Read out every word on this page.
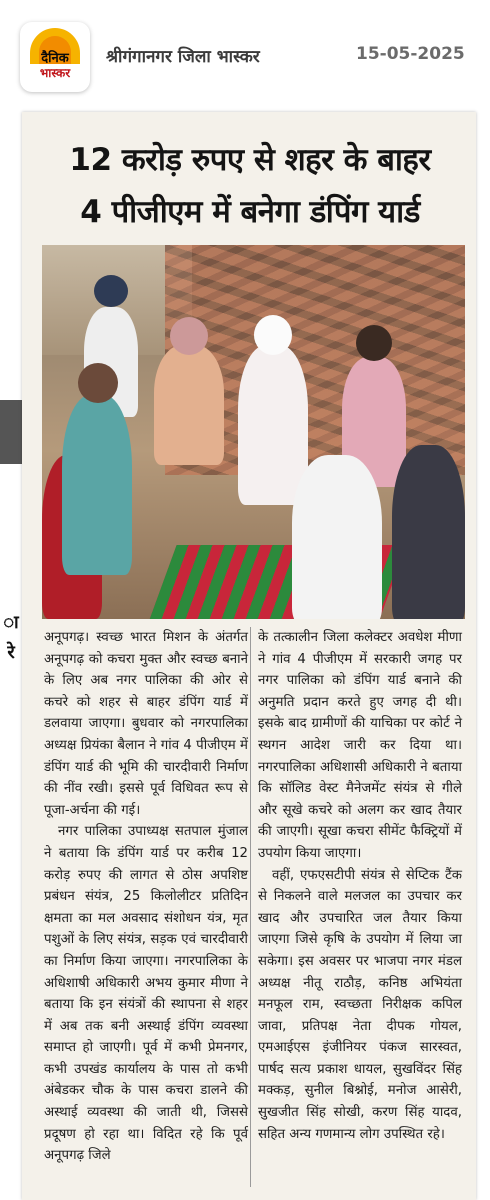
दैनिक
भास्कर
श्रीगंगानगर जिला भास्कर	15-05-2025
ा
रे
12 करोड़ रुपए से शहर के बाहर
4 पीजीएम में बनेगा डंपिंग यार्ड

अनूपगढ़। स्वच्छ भारत मिशन के अंतर्गत अनूपगढ़ को कचरा मुक्त और स्वच्छ बनाने के लिए अब नगर पालिका की ओर से कचरे को शहर से बाहर डंपिंग यार्ड में डलवाया जाएगा। बुधवार को नगरपालिका अध्यक्ष प्रियंका बैलान ने गांव 4 पीजीएम में डंपिंग यार्ड की भूमि की चारदीवारी निर्माण की नींव रखी। इससे पूर्व विधिवत रूप से पूजा-अर्चना की गई।

नगर पालिका उपाध्यक्ष सतपाल मुंजाल ने बताया कि डंपिंग यार्ड पर करीब 12 करोड़ रुपए की लागत से ठोस अपशिष्ट प्रबंधन संयंत्र, 25 किलोलीटर प्रतिदिन क्षमता का मल अवसाद संशोधन यंत्र, मृत पशुओं के लिए संयंत्र, सड़क एवं चारदीवारी का निर्माण किया जाएगा। नगरपालिका के अधिशाषी अधिकारी अभय कुमार मीणा ने बताया कि इन संयंत्रों की स्थापना से शहर में अब तक बनी अस्थाई डंपिंग व्यवस्था समाप्त हो जाएगी। पूर्व में कभी प्रेमनगर, कभी उपखंड कार्यालय के पास तो कभी अंबेडकर चौक के पास कचरा डालने की अस्थाई व्यवस्था की जाती थी, जिससे प्रदूषण हो रहा था। विदित रहे कि पूर्व अनूपगढ़ जिले

के तत्कालीन जिला कलेक्टर अवधेश मीणा ने गांव 4 पीजीएम में सरकारी जगह पर नगर पालिका को डंपिंग यार्ड बनाने की अनुमति प्रदान करते हुए जगह दी थी। इसके बाद ग्रामीणों की याचिका पर कोर्ट ने स्थगन आदेश जारी कर दिया था। नगरपालिका अधिशासी अधिकारी ने बताया कि सॉलिड वेस्ट मैनेजमेंट संयंत्र से गीले और सूखे कचरे को अलग कर खाद तैयार की जाएगी। सूखा कचरा सीमेंट फैक्ट्रियों में उपयोग किया जाएगा।

वहीं, एफएसटीपी संयंत्र से सेप्टिक टैंक से निकलने वाले मलजल का उपचार कर खाद और उपचारित जल तैयार किया जाएगा जिसे कृषि के उपयोग में लिया जा सकेगा। इस अवसर पर भाजपा नगर मंडल अध्यक्ष नीतू राठौड़, कनिष्ठ अभियंता मनफूल राम, स्वच्छता निरीक्षक कपिल जावा, प्रतिपक्ष नेता दीपक गोयल, एमआईएस इंजीनियर पंकज सारस्वत, पार्षद सत्य प्रकाश धायल, सुखविंदर सिंह मक्कड़, सुनील बिश्नोई, मनोज आसेरी, सुखजीत सिंह सोखी, करण सिंह यादव, सहित अन्य गणमान्य लोग उपस्थित रहे।
